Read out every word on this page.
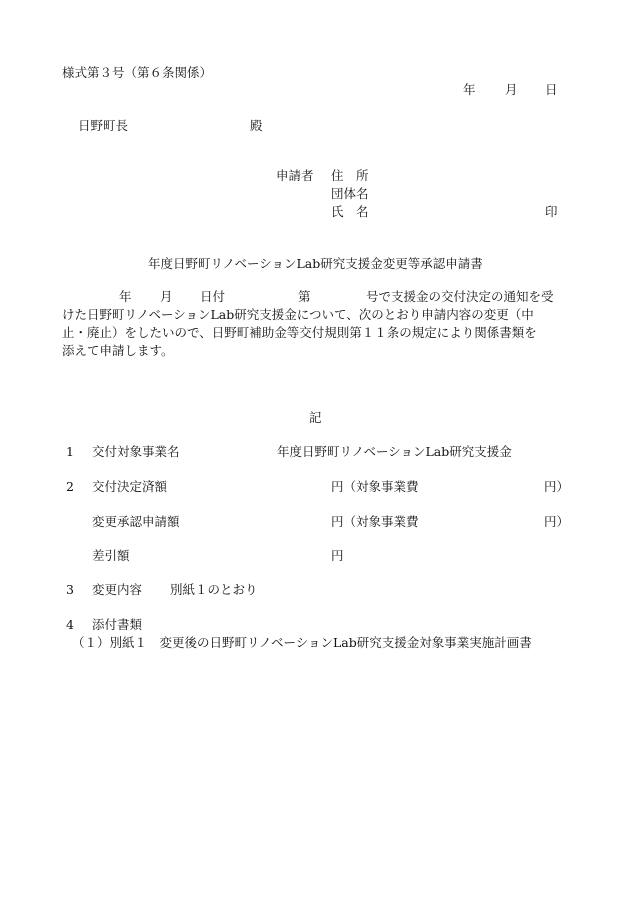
様式第３号（第６条関係）
年 月 日
日野町長	殿
申請者 住　所
団体名
氏　名	印
年度日野町リノベーションLab研究支援金変更等承認申請書
年 月 日付	第	号で支援金の交付決定の通知を受
けた日野町リノベーションLab研究支援金について、次のとおり申請内容の変更（中
止・廃止）をしたいので、日野町補助金等交付規則第１１条の規定により関係書類を
添えて申請します。
記
1 交付対象事業名	年度日野町リノベーションLab研究支援金
2 交付決定済額	円（対象事業費	円）
変更承認申請額	円（対象事業費	円）
差引額	円
3 変更内容 別紙１のとおり
4 添付書類
（１）別紙１　変更後の日野町リノベーションLab研究支援金対象事業実施計画書
